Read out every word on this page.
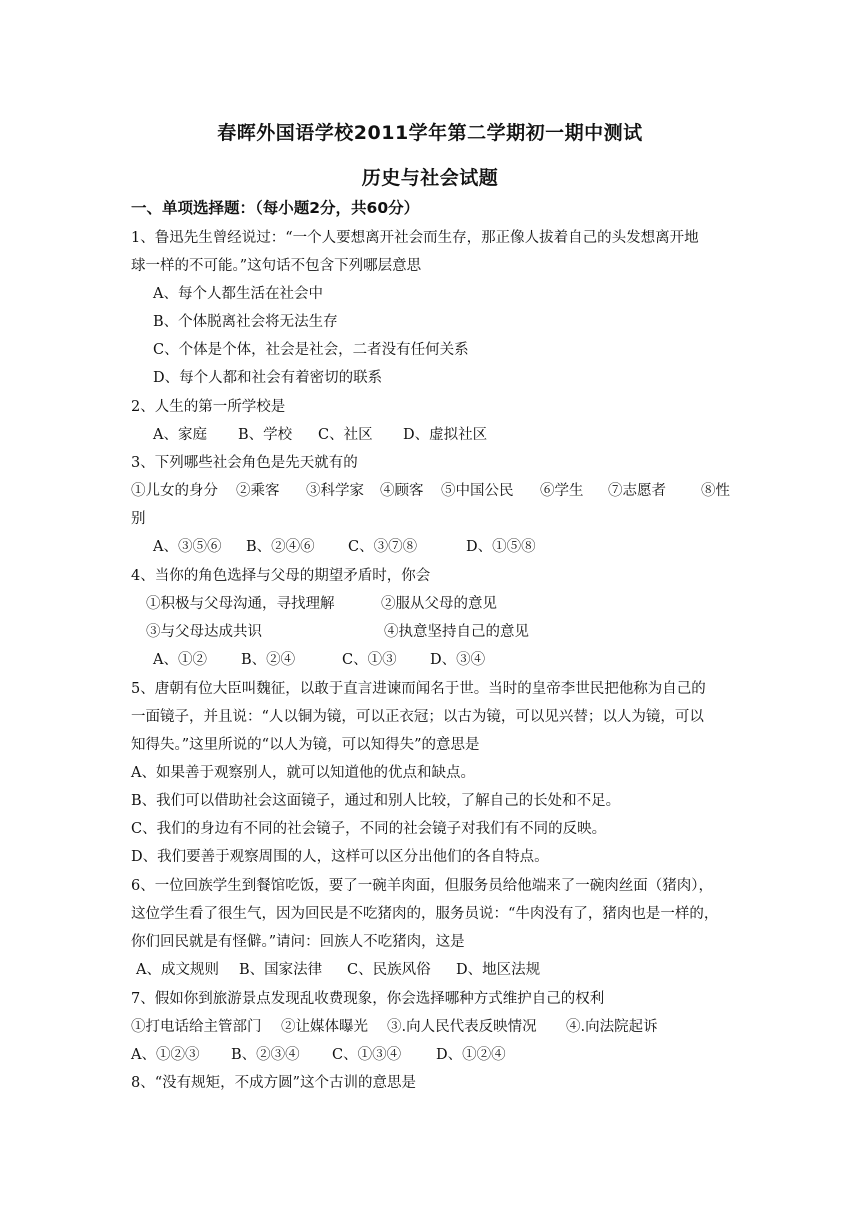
春晖外国语学校2011学年第二学期初一期中测试
历史与社会试题
一、单项选择题：（每小题2分，共60分）
1、鲁迅先生曾经说过：“一个人要想离开社会而生存，那正像人拔着自己的头发想离开地
球一样的不可能。”这句话不包含下列哪层意思
A、每个人都生活在社会中
B、个体脱离社会将无法生存
C、个体是个体，社会是社会，二者没有任何关系
D、每个人都和社会有着密切的联系
2、人生的第一所学校是
A、家庭 B、学校 C、社区 D、虚拟社区
3、下列哪些社会角色是先天就有的
①儿女的身分 ②乘客 ③科学家 ④顾客 ⑤中国公民 ⑥学生 ⑦志愿者 ⑧性
别
A、③⑤⑥ B、②④⑥ C、③⑦⑧	D、①⑤⑧
4、当你的角色选择与父母的期望矛盾时，你会
①积极与父母沟通，寻找理解	②服从父母的意见
③与父母达成共识	④执意坚持自己的意见
A、①② B、②④	C、①③ D、③④
5、唐朝有位大臣叫魏征，以敢于直言进谏而闻名于世。当时的皇帝李世民把他称为自己的
一面镜子，并且说：“人以铜为镜，可以正衣冠；以古为镜，可以见兴替；以人为镜，可以
知得失。”这里所说的“以人为镜，可以知得失”的意思是
A、如果善于观察别人，就可以知道他的优点和缺点。
B、我们可以借助社会这面镜子，通过和别人比较，了解自己的长处和不足。
C、我们的身边有不同的社会镜子，不同的社会镜子对我们有不同的反映。
D、我们要善于观察周围的人，这样可以区分出他们的各自特点。
6、一位回族学生到餐馆吃饭，要了一碗羊肉面，但服务员给他端来了一碗肉丝面（猪肉），
这位学生看了很生气，因为回民是不吃猪肉的，服务员说：“牛肉没有了，猪肉也是一样的，
你们回民就是有怪僻。”请问：回族人不吃猪肉，这是
A、成文规则 B、国家法律 C、民族风俗 D、地区法规
7、假如你到旅游景点发现乱收费现象，你会选择哪种方式维护自己的权利
①打电话给主管部门 ②让媒体曝光 ③.向人民代表反映情况 ④.向法院起诉
A、①②③ B、②③④ C、①③④ D、①②④
8、“没有规矩，不成方圆”这个古训的意思是
